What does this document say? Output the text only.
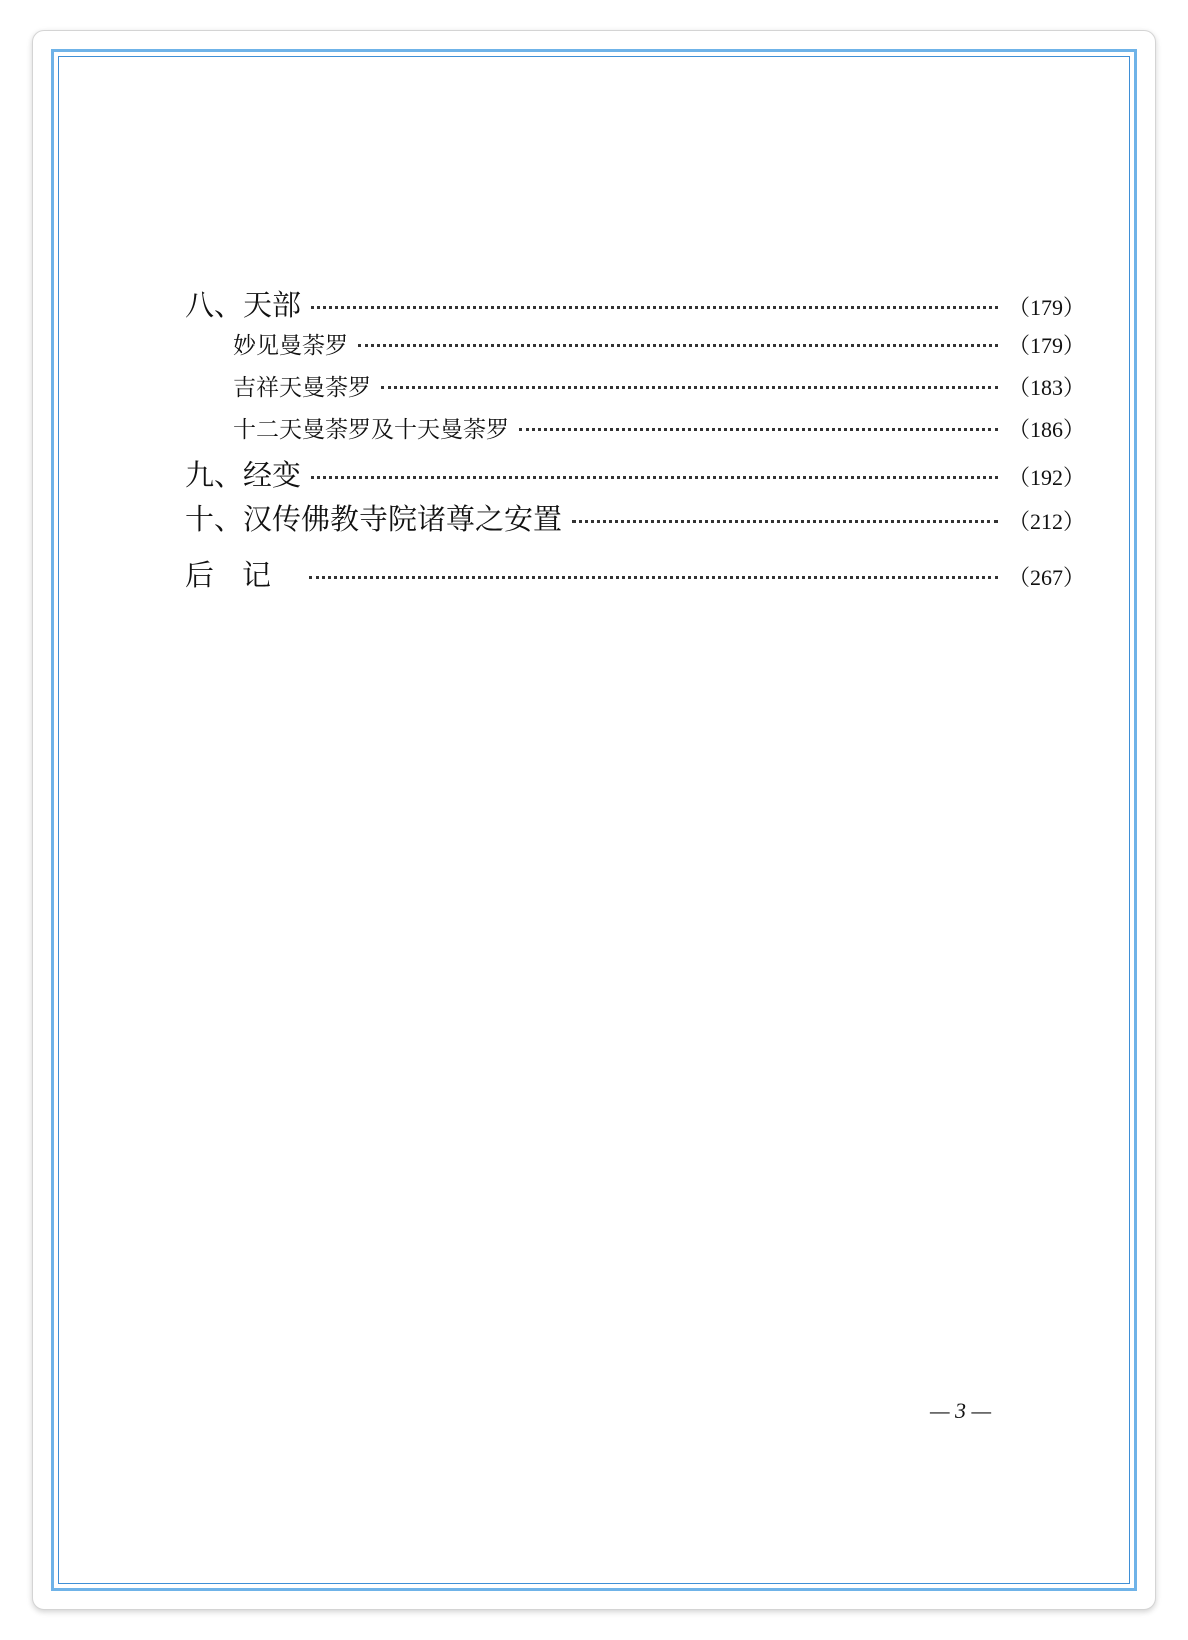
八、天部	（179）
妙见曼荼罗	（179）
吉祥天曼荼罗	（183）
十二天曼荼罗及十天曼荼罗	（186）
九、经变	（192）
十、汉传佛教寺院诸尊之安置	（212）
后记	（267）
— 3 —
